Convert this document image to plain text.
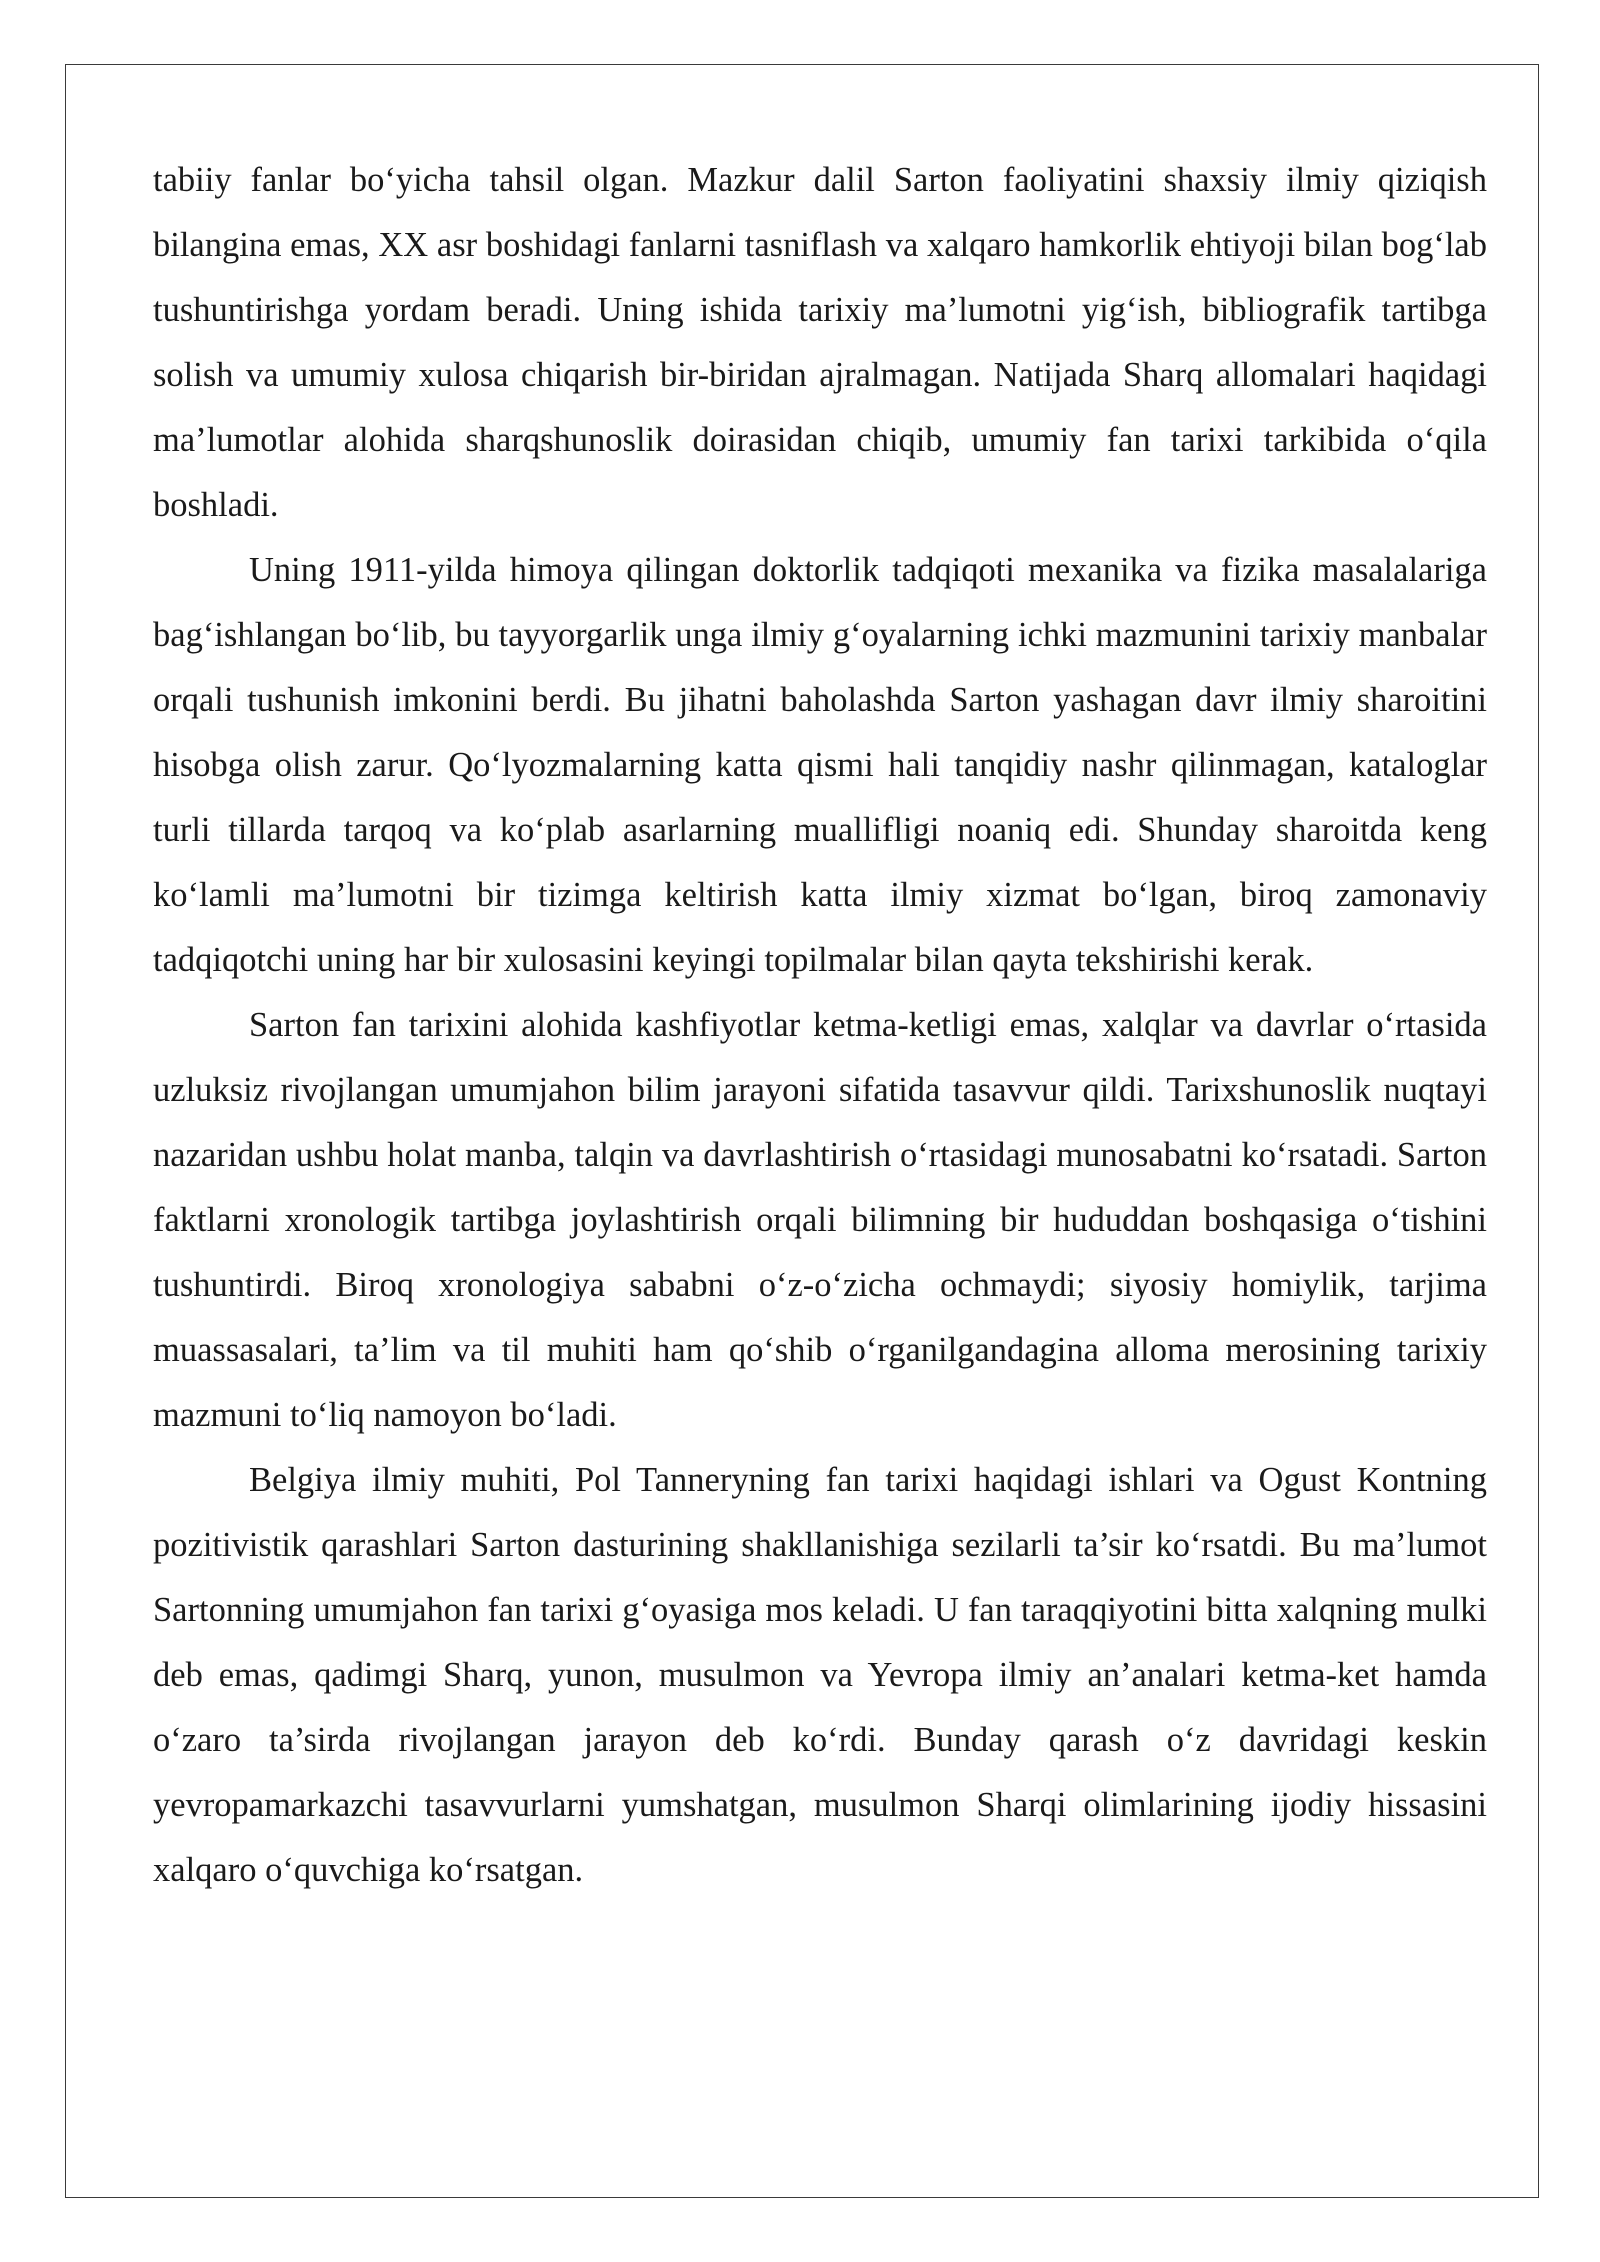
tabiiy fanlar bo‘yicha tahsil olgan. Mazkur dalil Sarton faoliyatini shaxsiy ilmiy qiziqish bilangina emas, XX asr boshidagi fanlarni tasniflash va xalqaro hamkorlik ehtiyoji bilan bog‘lab tushuntirishga yordam beradi. Uning ishida tarixiy ma’lumotni yig‘ish, bibliografik tartibga solish va umumiy xulosa chiqarish bir-biridan ajralmagan. Natijada Sharq allomalari haqidagi ma’lumotlar alohida sharqshunoslik doirasidan chiqib, umumiy fan tarixi tarkibida o‘qila boshladi.

Uning 1911-yilda himoya qilingan doktorlik tadqiqoti mexanika va fizika masalalariga bag‘ishlangan bo‘lib, bu tayyorgarlik unga ilmiy g‘oyalarning ichki mazmunini tarixiy manbalar orqali tushunish imkonini berdi. Bu jihatni baholashda Sarton yashagan davr ilmiy sharoitini hisobga olish zarur. Qo‘lyozmalarning katta qismi hali tanqidiy nashr qilinmagan, kataloglar turli tillarda tarqoq va ko‘plab asarlarning muallifligi noaniq edi. Shunday sharoitda keng ko‘lamli ma’lumotni bir tizimga keltirish katta ilmiy xizmat bo‘lgan, biroq zamonaviy tadqiqotchi uning har bir xulosasini keyingi topilmalar bilan qayta tekshirishi kerak.

Sarton fan tarixini alohida kashfiyotlar ketma-ketligi emas, xalqlar va davrlar o‘rtasida uzluksiz rivojlangan umumjahon bilim jarayoni sifatida tasavvur qildi. Tarixshunoslik nuqtayi nazaridan ushbu holat manba, talqin va davrlashtirish o‘rtasidagi munosabatni ko‘rsatadi. Sarton faktlarni xronologik tartibga joylashtirish orqali bilimning bir hududdan boshqasiga o‘tishini tushuntirdi. Biroq xronologiya sababni o‘z-o‘zicha ochmaydi; siyosiy homiylik, tarjima muassasalari, ta’lim va til muhiti ham qo‘shib o‘rganilgandagina alloma merosining tarixiy mazmuni to‘liq namoyon bo‘ladi.

Belgiya ilmiy muhiti, Pol Tanneryning fan tarixi haqidagi ishlari va Ogust Kontning pozitivistik qarashlari Sarton dasturining shakllanishiga sezilarli ta’sir ko‘rsatdi. Bu ma’lumot Sartonning umumjahon fan tarixi g‘oyasiga mos keladi. U fan taraqqiyotini bitta xalqning mulki deb emas, qadimgi Sharq, yunon, musulmon va Yevropa ilmiy an’analari ketma-ket hamda o‘zaro ta’sirda rivojlangan jarayon deb ko‘rdi. Bunday qarash o‘z davridagi keskin yevropamarkazchi tasavvurlarni yumshatgan, musulmon Sharqi olimlarining ijodiy hissasini xalqaro o‘quvchiga ko‘rsatgan.
